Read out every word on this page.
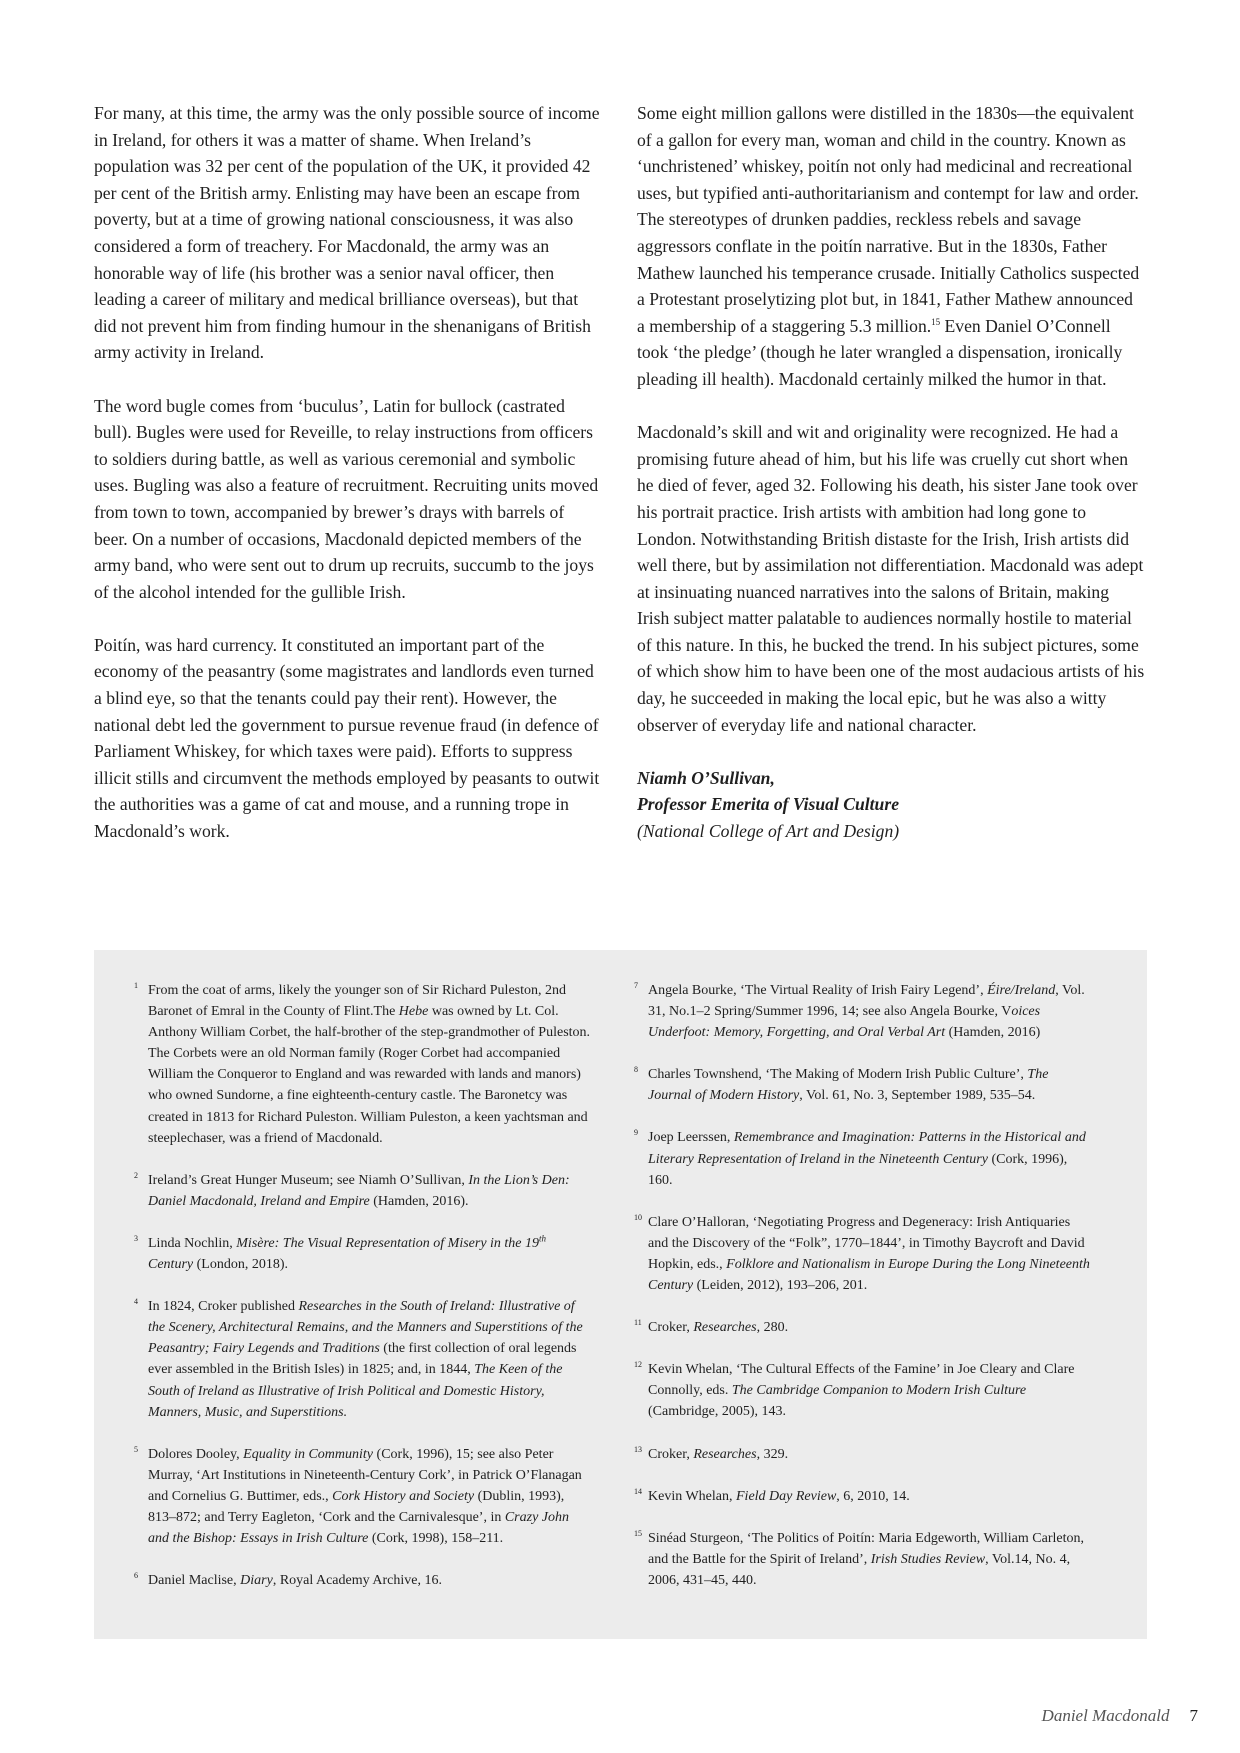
For many, at this time, the army was the only possible source of income in Ireland, for others it was a matter of shame. When Ireland’s population was 32 per cent of the population of the UK, it provided 42 per cent of the British army. Enlisting may have been an escape from poverty, but at a time of growing national consciousness, it was also considered a form of treachery. For Macdonald, the army was an honorable way of life (his brother was a senior naval officer, then leading a career of military and medical brilliance overseas), but that did not prevent him from finding humour in the shenanigans of British army activity in Ireland.

The word bugle comes from ‘buculus’, Latin for bullock (castrated bull). Bugles were used for Reveille, to relay instructions from officers to soldiers during battle, as well as various ceremonial and symbolic uses. Bugling was also a feature of recruitment. Recruiting units moved from town to town, accompanied by brewer’s drays with barrels of beer. On a number of occasions, Macdonald depicted members of the army band, who were sent out to drum up recruits, succumb to the joys of the alcohol intended for the gullible Irish.

Poitín, was hard currency. It constituted an important part of the economy of the peasantry (some magistrates and landlords even turned a blind eye, so that the tenants could pay their rent). However, the national debt led the government to pursue revenue fraud (in defence of Parliament Whiskey, for which taxes were paid). Efforts to suppress illicit stills and circumvent the methods employed by peasants to outwit the authorities was a game of cat and mouse, and a running trope in Macdonald’s work.

Some eight million gallons were distilled in the 1830s—the equivalent of a gallon for every man, woman and child in the country. Known as ‘unchristened’ whiskey, poitín not only had medicinal and recreational uses, but typified anti-authoritarianism and contempt for law and order. The stereotypes of drunken paddies, reckless rebels and savage aggressors conflate in the poitín narrative. But in the 1830s, Father Mathew launched his temperance crusade. Initially Catholics suspected a Protestant proselytizing plot but, in 1841, Father Mathew announced a membership of a staggering 5.3 million.$^{15}$ Even Daniel O’Connell took ‘the pledge’ (though he later wrangled a dispensation, ironically pleading ill health). Macdonald certainly milked the humor in that.

Macdonald’s skill and wit and originality were recognized. He had a promising future ahead of him, but his life was cruelly cut short when he died of fever, aged 32. Following his death, his sister Jane took over his portrait practice. Irish artists with ambition had long gone to London. Notwithstanding British distaste for the Irish, Irish artists did well there, but by assimilation not differentiation. Macdonald was adept at insinuating nuanced narratives into the salons of Britain, making Irish subject matter palatable to audiences normally hostile to material of this nature. In this, he bucked the trend. In his subject pictures, some of which show him to have been one of the most audacious artists of his day, he succeeded in making the local epic, but he was also a witty observer of everyday life and national character.

Niamh O’Sullivan,
Professor Emerita of Visual Culture
(National College of Art and Design)
1 From the coat of arms, likely the younger son of Sir Richard Puleston, 2nd Baronet of Emral in the County of Flint.The Hebe was owned by Lt. Col. Anthony William Corbet, the half-brother of the step-grandmother of Puleston. The Corbets were an old Norman family (Roger Corbet had accompanied William the Conqueror to England and was rewarded with lands and manors) who owned Sundorne, a fine eighteenth-century castle. The Baronetcy was created in 1813 for Richard Puleston. William Puleston, a keen yachtsman and steeplechaser, was a friend of Macdonald.
2 Ireland’s Great Hunger Museum; see Niamh O’Sullivan, In the Lion’s Den: Daniel Macdonald, Ireland and Empire (Hamden, 2016).
3 Linda Nochlin, Misère: The Visual Representation of Misery in the 19th Century (London, 2018).
4 In 1824, Croker published Researches in the South of Ireland: Illustrative of the Scenery, Architectural Remains, and the Manners and Superstitions of the Peasantry; Fairy Legends and Traditions (the first collection of oral legends ever assembled in the British Isles) in 1825; and, in 1844, The Keen of the South of Ireland as Illustrative of Irish Political and Domestic History, Manners, Music, and Superstitions.
5 Dolores Dooley, Equality in Community (Cork, 1996), 15; see also Peter Murray, ‘Art Institutions in Nineteenth-Century Cork’, in Patrick O’Flanagan and Cornelius G. Buttimer, eds., Cork History and Society (Dublin, 1993), 813–872; and Terry Eagleton, ‘Cork and the Carnivalesque’, in Crazy John and the Bishop: Essays in Irish Culture (Cork, 1998), 158–211.
6 Daniel Maclise, Diary, Royal Academy Archive, 16.
7 Angela Bourke, ‘The Virtual Reality of Irish Fairy Legend’, Éire/Ireland, Vol. 31, No.1–2 Spring/Summer 1996, 14; see also Angela Bourke, Voices Underfoot: Memory, Forgetting, and Oral Verbal Art (Hamden, 2016)
8 Charles Townshend, ‘The Making of Modern Irish Public Culture’, The Journal of Modern History, Vol. 61, No. 3, September 1989, 535–54.
9 Joep Leerssen, Remembrance and Imagination: Patterns in the Historical and Literary Representation of Ireland in the Nineteenth Century (Cork, 1996), 160.
10 Clare O’Halloran, ‘Negotiating Progress and Degeneracy: Irish Antiquaries and the Discovery of the “Folk”, 1770–1844’, in Timothy Baycroft and David Hopkin, eds., Folklore and Nationalism in Europe During the Long Nineteenth Century (Leiden, 2012), 193–206, 201.
11 Croker, Researches, 280.
12 Kevin Whelan, ‘The Cultural Effects of the Famine’ in Joe Cleary and Clare Connolly, eds. The Cambridge Companion to Modern Irish Culture (Cambridge, 2005), 143.
13 Croker, Researches, 329.
14 Kevin Whelan, Field Day Review, 6, 2010, 14.
15 Sinéad Sturgeon, ‘The Politics of Poitín: Maria Edgeworth, William Carleton, and the Battle for the Spirit of Ireland’, Irish Studies Review, Vol.14, No. 4, 2006, 431–45, 440.
Daniel Macdonald 7
